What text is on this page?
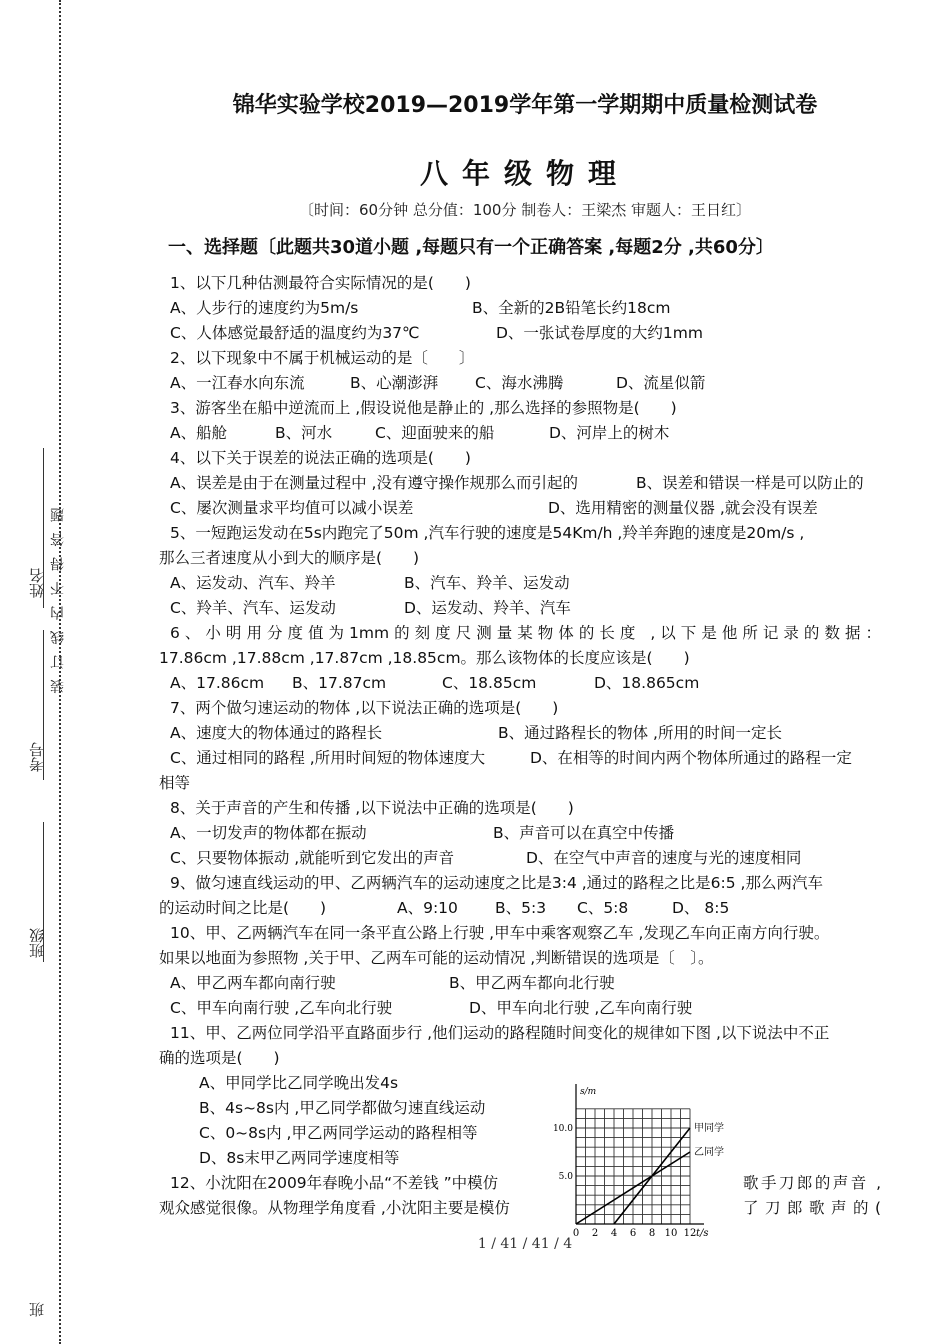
装 订 线 内 不 得 答 题
姓名
考号
班级
班
锦华实验学校2019—2019学年第一学期期中质量检测试卷
八年级物理
〔时间：60分钟 总分值：100分 制卷人：王梁杰 审题人：王日红〕
一、选择题〔此题共30道小题 ,每题只有一个正确答案 ,每题2分 ,共60分〕
1、以下几种估测最符合实际情况的是(　　)
A、人步行的速度约为5m/s	B、全新的2B铅笔长约18cm
C、人体感觉最舒适的温度约为37℃	D、一张试卷厚度的大约1mm
2、以下现象中不属于机械运动的是〔　　〕
A、一江春水向东流	B、心潮澎湃 C、海水沸腾	D、流星似箭
3、游客坐在船中逆流而上 ,假设说他是静止的 ,那么选择的参照物是(　　)
A、船舱	B、河水	C、迎面驶来的船	D、河岸上的树木
4、以下关于误差的说法正确的选项是(　　)
A、误差是由于在测量过程中 ,没有遵守操作规那么而引起的	B、误差和错误一样是可以防止的
C、屡次测量求平均值可以减小误差	D、选用精密的测量仪器 ,就会没有误差
5、一短跑运发动在5s内跑完了50m ,汽车行驶的速度是54Km/h ,羚羊奔跑的速度是20m/s ,
那么三者速度从小到大的顺序是(　　)
A、运发动、汽车、羚羊	B、汽车、羚羊、运发动
C、羚羊、汽车、运发动	D、运发动、羚羊、汽车
6、小明用分度值为1mm的刻度尺测量某物体的长度 ,以下是他所记录的数据：
17.86cm ,17.88cm ,17.87cm ,18.85cm。那么该物体的长度应该是(　　)
A、17.86cm B、17.87cm	C、18.85cm	D、18.865cm
7、两个做匀速运动的物体 ,以下说法正确的选项是(　　)
A、速度大的物体通过的路程长	B、通过路程长的物体 ,所用的时间一定长
C、通过相同的路程 ,所用时间短的物体速度大	D、在相等的时间内两个物体所通过的路程一定
相等
8、关于声音的产生和传播 ,以下说法中正确的选项是(　　)
A、一切发声的物体都在振动	B、声音可以在真空中传播
C、只要物体振动 ,就能听到它发出的声音	D、在空气中声音的速度与光的速度相同
9、做匀速直线运动的甲、乙两辆汽车的运动速度之比是3:4 ,通过的路程之比是6:5 ,那么两汽车
的运动时间之比是(　　)	A、9:10 B、5:3 C、5:8	D、 8:5
10、甲、乙两辆汽车在同一条平直公路上行驶 ,甲车中乘客观察乙车 ,发现乙车向正南方向行驶。
如果以地面为参照物 ,关于甲、乙两车可能的运动情况 ,判断错误的选项是〔　〕。
A、甲乙两车都向南行驶	B、甲乙两车都向北行驶
C、甲车向南行驶 ,乙车向北行驶	D、甲车向北行驶 ,乙车向南行驶
11、甲、乙两位同学沿平直路面步行 ,他们运动的路程随时间变化的规律如下图 ,以下说法中不正
确的选项是(　　)
A、甲同学比乙同学晚出发4s
B、4s~8s内 ,甲乙同学都做匀速直线运动
C、0~8s内 ,甲乙两同学运动的路程相等
D、8s末甲乙两同学速度相等
12、小沈阳在2009年春晚小品“不差钱 ”中模仿	歌手刀郎的声音 ,
观众感觉很像。从物理学角度看 ,小沈阳主要是模仿	了刀郎歌声的(
s/m
t/s
甲同学
乙同学
0 2 4 6 8 10 12
5.0
10.0
1 / 41 / 41 / 4
